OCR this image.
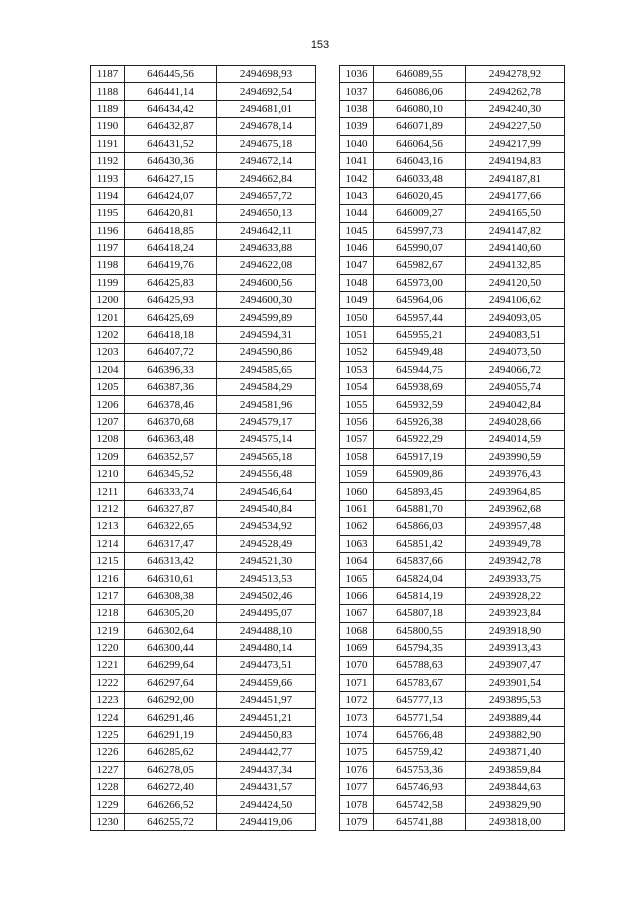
153
1187	646445,56	2494698,93
1188	646441,14	2494692,54
1189	646434,42	2494681,01
1190	646432,87	2494678,14
1191	646431,52	2494675,18
1192	646430,36	2494672,14
1193	646427,15	2494662,84
1194	646424,07	2494657,72
1195	646420,81	2494650,13
1196	646418,85	2494642,11
1197	646418,24	2494633,88
1198	646419,76	2494622,08
1199	646425,83	2494600,56
1200	646425,93	2494600,30
1201	646425,69	2494599,89
1202	646418,18	2494594,31
1203	646407,72	2494590,86
1204	646396,33	2494585,65
1205	646387,36	2494584,29
1206	646378,46	2494581,96
1207	646370,68	2494579,17
1208	646363,48	2494575,14
1209	646352,57	2494565,18
1210	646345,52	2494556,48
1211	646333,74	2494546,64
1212	646327,87	2494540,84
1213	646322,65	2494534,92
1214	646317,47	2494528,49
1215	646313,42	2494521,30
1216	646310,61	2494513,53
1217	646308,38	2494502,46
1218	646305,20	2494495,07
1219	646302,64	2494488,10
1220	646300,44	2494480,14
1221	646299,64	2494473,51
1222	646297,64	2494459,66
1223	646292,00	2494451,97
1224	646291,46	2494451,21
1225	646291,19	2494450,83
1226	646285,62	2494442,77
1227	646278,05	2494437,34
1228	646272,40	2494431,57
1229	646266,52	2494424,50
1230	646255,72	2494419,06
1036	646089,55	2494278,92
1037	646086,06	2494262,78
1038	646080,10	2494240,30
1039	646071,89	2494227,50
1040	646064,56	2494217,99
1041	646043,16	2494194,83
1042	646033,48	2494187,81
1043	646020,45	2494177,66
1044	646009,27	2494165,50
1045	645997,73	2494147,82
1046	645990,07	2494140,60
1047	645982,67	2494132,85
1048	645973,00	2494120,50
1049	645964,06	2494106,62
1050	645957,44	2494093,05
1051	645955,21	2494083,51
1052	645949,48	2494073,50
1053	645944,75	2494066,72
1054	645938,69	2494055,74
1055	645932,59	2494042,84
1056	645926,38	2494028,66
1057	645922,29	2494014,59
1058	645917,19	2493990,59
1059	645909,86	2493976,43
1060	645893,45	2493964,85
1061	645881,70	2493962,68
1062	645866,03	2493957,48
1063	645851,42	2493949,78
1064	645837,66	2493942,78
1065	645824,04	2493933,75
1066	645814,19	2493928,22
1067	645807,18	2493923,84
1068	645800,55	2493918,90
1069	645794,35	2493913,43
1070	645788,63	2493907,47
1071	645783,67	2493901,54
1072	645777,13	2493895,53
1073	645771,54	2493889,44
1074	645766,48	2493882,90
1075	645759,42	2493871,40
1076	645753,36	2493859,84
1077	645746,93	2493844,63
1078	645742,58	2493829,90
1079	645741,88	2493818,00
